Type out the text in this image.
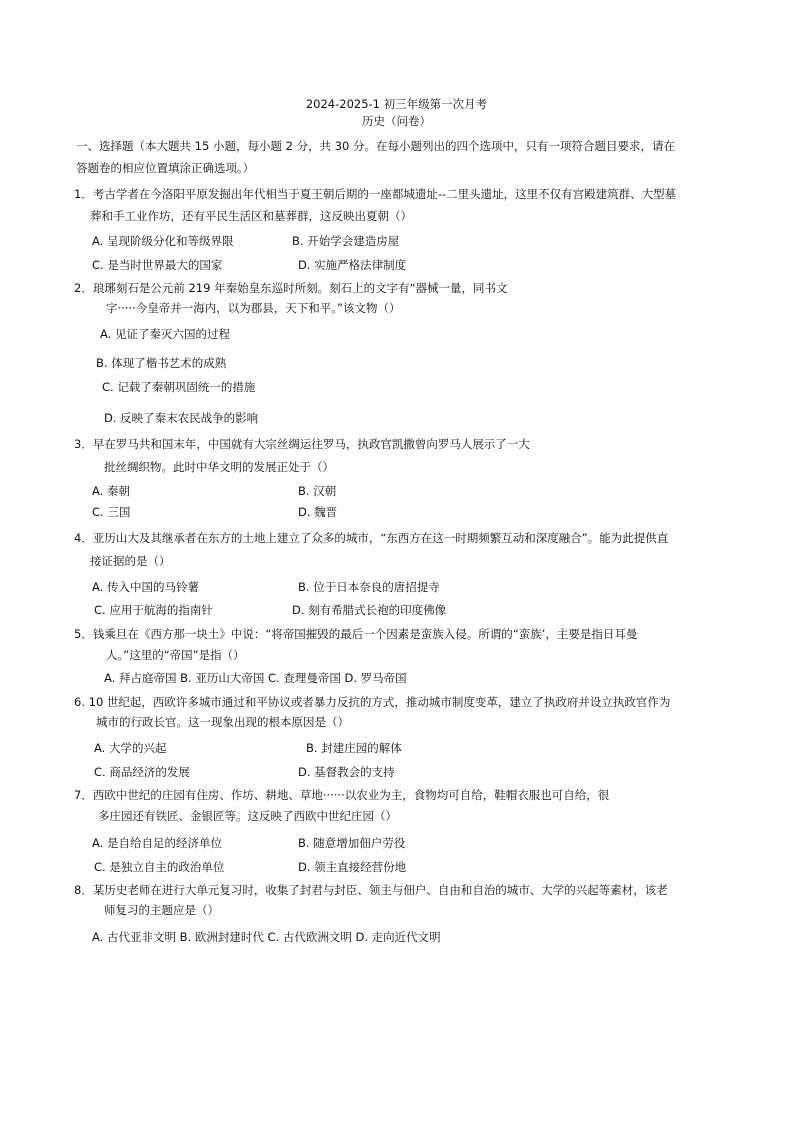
2024-2025-1 初三年级第一次月考
历史（问卷）
一、选择题（本大题共 15 小题，每小题 2 分，共 30 分。在每小题列出的四个选项中，只有一项符合题目要求，请在
答题卷的相应位置填涂正确选项。）
1．考古学者在今洛阳平原发掘出年代相当于夏王朝后期的一座都城遗址--二里头遗址，这里不仅有宫殿建筑群、大型墓
葬和手工业作坊，还有平民生活区和墓葬群，这反映出夏朝（）
A. 呈现阶级分化和等级界限	B. 开始学会建造房屋
C. 是当时世界最大的国家	D. 实施严格法律制度
2．琅琊刻石是公元前 219 年秦始皇东巡时所刻。刻石上的文字有“器械一量，同书文
字·····今皇帝并一海内，以为郡县，天下和平。”该文物（）
A. 见证了秦灭六国的过程
B. 体现了楷书艺术的成熟
C. 记载了秦朝巩固统一的措施
D. 反映了秦末农民战争的影响
3．早在罗马共和国末年，中国就有大宗丝绸运往罗马，执政官凯撒曾向罗马人展示了一大
批丝绸织物。此时中华文明的发展正处于（）
A. 秦朝	B. 汉朝
C. 三国	D. 魏晋
4．亚历山大及其继承者在东方的土地上建立了众多的城市，“东西方在这一时期频繁互动和深度融合”。能为此提供直
接证据的是（）
A. 传入中国的马铃薯	B. 位于日本奈良的唐招提寺
C. 应用于航海的指南针	D. 刻有希腊式长袍的印度佛像
5．钱乘旦在《西方那一块土》中说：“将帝国摧毁的最后一个因素是蛮族入侵。所谓的“蛮族’，主要是指日耳曼
人。”这里的“帝国”是指（）
A. 拜占庭帝国 B. 亚历山大帝国 C. 查理曼帝国 D. 罗马帝国
6. 10 世纪起，西欧许多城市通过和平协议或者暴力反抗的方式，推动城市制度变革，建立了执政府并设立执政官作为
城市的行政长官。这一现象出现的根本原因是（）
A. 大学的兴起	B. 封建庄园的解体
C. 商品经济的发展	D. 基督教会的支持
7．西欧中世纪的庄园有住房、作坊、耕地、草地······以农业为主，食物均可自给，鞋帽衣服也可自给，很
多庄园还有铁匠、金银匠等。这反映了西欧中世纪庄园（）
A. 是自给自足的经济单位	B. 随意增加佃户劳役
C. 是独立自主的政治单位	D. 领主直接经营份地
8．某历史老师在进行大单元复习时，收集了封君与封臣、领主与佃户、自由和自治的城市、大学的兴起等素材，该老
师复习的主题应是（）
A. 古代亚非文明 B. 欧洲封建时代 C. 古代欧洲文明 D. 走向近代文明
